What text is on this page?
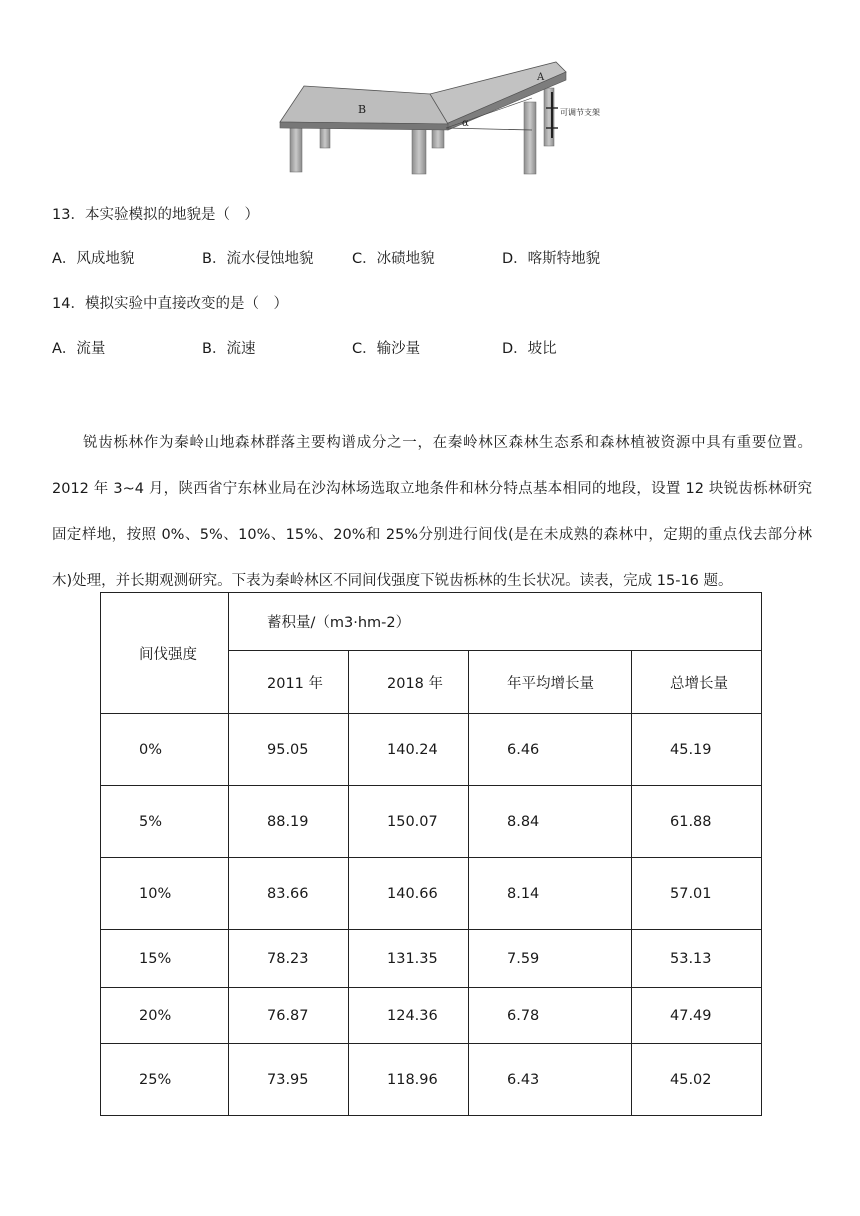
B
A
α
可调节支架
13．本实验模拟的地貌是（　）
A．风成地貌	B．流水侵蚀地貌	C．冰碛地貌	D．喀斯特地貌
14．模拟实验中直接改变的是（　）
A．流量	B．流速	C．输沙量	D．坡比
锐齿栎林作为秦岭山地森林群落主要构谱成分之一，在秦岭林区森林生态系和森林植被资源中具有重要位置。2012 年 3~4 月，陕西省宁东林业局在沙沟林场选取立地条件和林分特点基本相同的地段，设置 12 块锐齿栎林研究固定样地，按照 0%、5%、10%、15%、20%和 25%分别进行间伐(是在未成熟的森林中，定期的重点伐去部分林木)处理，并长期观测研究。下表为秦岭林区不同间伐强度下锐齿栎林的生长状况。读表，完成 15-16 题。
间伐强度	蓄积量/（m3·hm-2）			
	2011 年	2018 年	年平均增长量	总增长量
0%	95.05	140.24	6.46	45.19
5%	88.19	150.07	8.84	61.88
10%	83.66	140.66	8.14	57.01
15%	78.23	131.35	7.59	53.13
20%	76.87	124.36	6.78	47.49
25%	73.95	118.96	6.43	45.02
